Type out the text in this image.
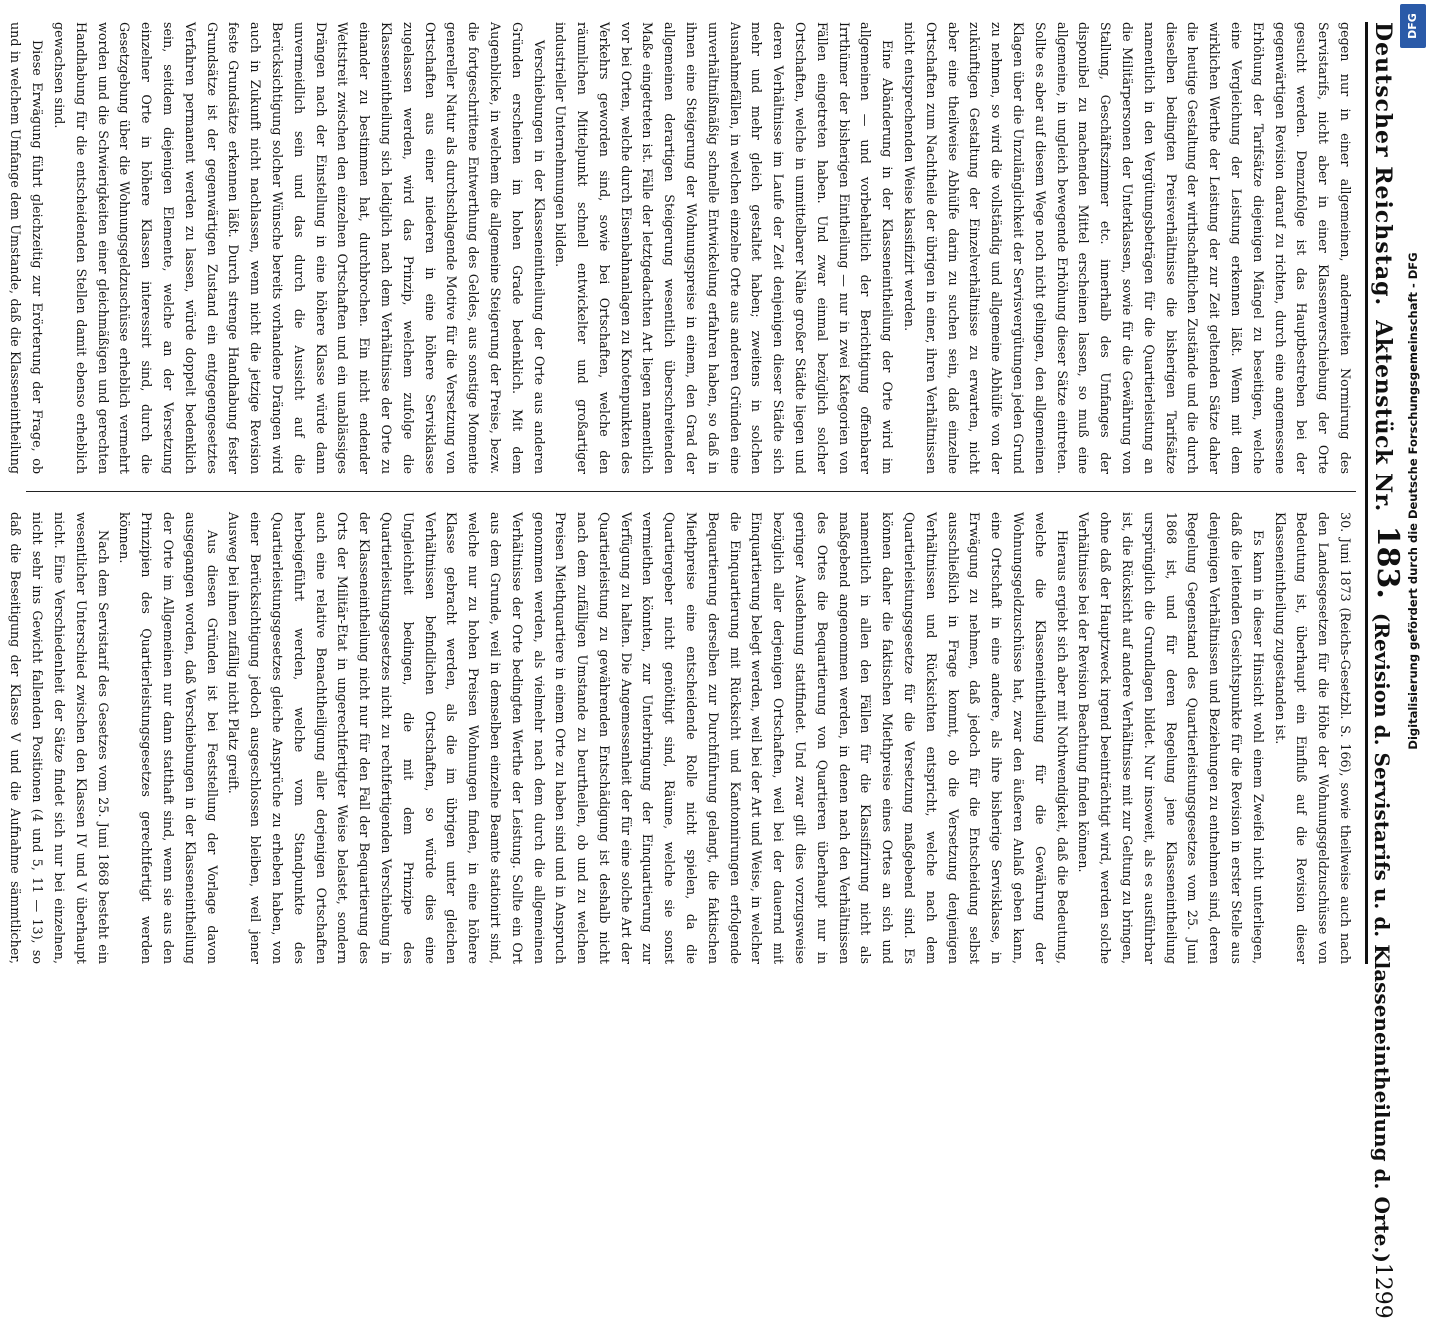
Deutscher Reichstag.
Aktenstück Nr.
183.
(Revision d. Servistarifs u. d. Klasseneintheilung d. Orte.)
1299

gegen nur in einer allgemeinen, andermeiten Normirung des Servistarifs, nicht aber in einer Klassenverschiebung der Orte gesucht werden. Demzufolge ist das Hauptbestreben bei der gegenwärtigen Revision darauf zu richten, durch eine angemessene Erhöhung der Tarifsätze diejenigen Mängel zu beseitigen, welche eine Vergleichung der Leistung erkennen läßt. Wenn mit dem wirklichen Werthe der Leistung der zur Zeit geltenden Sätze daher die heutige Gestaltung der wirthschaftlichen Zustände und die durch dieselben bedingten Preisverhältnisse die bisherigen Tarifsätze namentlich in den Vergütungsbeträgen für die Quartierleistung an die Militärpersonen der Unterklassen, sowie für die Gewährung von Stallung, Geschäftszimmer etc. innerhalb des Umfanges der disponibel zu machenden Mittel erscheinen lassen, so muß eine allgemeine, in ungleich bewegende Erhöhung dieser Sätze eintreten. Sollte es aber auf diesem Wege noch nicht gelingen, den allgemeinen Klagen über die Unzulänglichkeit der Servisvergütungen jeden Grund zu nehmen, so wird die vollständig und allgemeine Abhülfe von der zukünftigen Gestaltung der Einzelverhältnisse zu erwarten, nicht aber eine theilweise Abhülfe darin zu suchen sein, daß einzelne Ortschaften zum Nachtheile der übrigen in einer, ihren Verhältnissen nicht entsprechenden Weise klassifizirt werden.

Eine Abänderung in der Klasseneintheilung der Orte wird im allgemeinen — und vorbehaltlich der Berichtigung offenbarer Irrthümer der bisherigen Eintheilung — nur in zwei Kategorien von Fällen eingetreten haben. Und zwar einmal bezüglich solcher Ortschaften, welche in unmittelbarer Nähe großer Städte liegen und deren Verhältnisse im Laufe der Zeit denjenigen dieser Städte sich mehr und mehr gleich gestaltet haben; zweitens in solchen Ausnahmefällen, in welchen einzelne Orte aus anderen Gründen eine unverhältnißmäßig schnelle Entwickelung erfahren haben, so daß in ihnen eine Steigerung der Wohnungspreise in einem, den Grad der allgemeinen derartigen Steigerung wesentlich überschreitenden Maße eingetreten ist. Fälle der letztgedachten Art liegen namentlich vor bei Orten, welche durch Eisenbahnanlagen zu Knotenpunkten des Verkehrs geworden sind, sowie bei Ortschaften, welche den räumlichen Mittelpunkt schnell entwickelter und großartiger industrieller Unternehmungen bilden.

Verschiebungen in der Klasseneintheilung der Orte aus anderen Gründen erscheinen im hohen Grade bedenklich. Mit dem Augenblicke, in welchem die allgemeine Steigerung der Preise, bezw. die fortgeschrittene Entwerthung des Geldes, aus sonstige Momente genereller Natur als durchschlagende Motive für die Versetzung von Ortschaften aus einer niederen in eine höhere Servisklasse zugelassen werden, wird das Prinzip, welchem zufolge die Klasseneintheilung sich lediglich nach dem Verhältnisse der Orte zu einander zu bestimmen hat, durchbrochen. Ein nicht endender Wettstreit zwischen den einzelnen Ortschaften und ein unablässiges Drängen nach der Einstellung in eine höhere Klasse würde dann unvermeidlich sein und das durch die Aussicht auf die Berücksichtigung solcher Wünsche bereits vorhandene Drängen wird auch in Zukunft nicht nachlassen, wenn nicht die jetzige Revision feste Grundsätze erkennen läßt. Durch strenge Handhabung fester Grundsätze ist der gegenwärtigen Zustand ein entgegengesetztes Verfahren permanent werden zu lassen, würde doppelt bedenklich sein, seitdem diejenigen Elemente, welche an der Versetzung einzelner Orte in höhere Klassen interessirt sind, durch die Gesetzgebung über die Wohnungsgeldzuschüsse erheblich vermehrt worden und die Schwierigkeiten einer gleichmäßigen und gerechten Handhabung für die entscheidenden Stellen damit ebenso erheblich gewachsen sind.

Diese Erwägung führt gleichzeitig zur Erörterung der Frage, ob und in welchem Umfange dem Umstande, daß die Klasseneintheilung

30. Juni 1873 (Reichs-Gesetzbl. S. 166), sowie theilweise auch nach den Landesgesetzen für die Höhe der Wohnungsgeldzuschüsse von Bedeutung ist, überhaupt ein Einfluß auf die Revision dieser Klasseneintheilung zugestanden ist.

Es kann in dieser Hinsicht wohl einem Zweifel nicht unterliegen, daß die leitenden Gesichtspunkte für die Revision in erster Stelle aus denjenigen Verhältnissen und Beziehungen zu entnehmen sind, deren Regelung Gegenstand des Quartierleistungsgesetzes vom 25. Juni 1868 ist, und für deren Regelung jene Klasseneintheilung ursprünglich die Grundlagen bildet. Nur insoweit, als es ausführbar ist, die Rücksicht auf andere Verhältnisse mit zur Geltung zu bringen, ohne daß der Hauptzweck irgend beeinträchtigt wird, werden solche Verhältnisse bei der Revision Beachtung finden können.

Hieraus ergiebt sich aber mit Nothwendigkeit, daß die Bedeutung, welche die Klasseneintheilung für die Gewährung der Wohnungsgeldzuschüsse hat, zwar den äußeren Anlaß geben kann, eine Ortschaft in eine andere, als ihre bisherige Servisklasse, in Erwägung zu nehmen, daß jedoch für die Entscheidung selbst ausschließlich in Frage kommt, ob die Versetzung denjenigen Verhältnissen und Rücksichten entspricht, welche nach dem Quartierleistungsgesetze für die Versetzung maßgebend sind. Es können daher die faktischen Miethpreise eines Ortes an sich und namentlich in allen den Fällen für die Klassifizirung nicht als maßgebend angenommen werden, in denen nach den Verhältnissen des Ortes die Bequartierung von Quartieren überhaupt nur in geringer Ausdehnung stattfindet. Und zwar gilt dies vorzugsweise bezüglich aller derjenigen Ortschaften, weil bei der dauernd mit Einquartierung belegt werden, weil bei der Art und Weise, in welcher die Einquartierung mit Rücksicht und Kantonnirungen erfolgende Bequartierung derselben zur Durchführung gelangt, die faktischen Miethpreise eine entscheidende Rolle nicht spielen, da die Quartiergeber nicht genöthigt sind, Räume, welche sie sonst vermiethen könnten, zur Unterbringung der Einquartierung zur Verfügung zu halten. Die Angemessenheit der für eine solche Art der Quartierleistung zu gewährenden Entschädigung ist deshalb nicht nach dem zufälligen Umstande zu beurtheilen, ob und zu welchen Preisen Miethquartiere in einem Orte zu haben sind und in Anspruch genommen werden, als vielmehr nach dem durch die allgemeinen Verhältnisse der Orte bedingten Werthe der Leistung. Sollte ein Ort aus dem Grunde, weil in demselben einzelne Beamte stationirt sind, welche nur zu hohen Preisen Wohnungen finden, in eine höhere Klasse gebracht werden, als die im übrigen unter gleichen Verhältnissen befindlichen Ortschaften, so würde dies eine Ungleichheit bedingen, die mit dem Prinzipe des Quartierleistungsgesetzes nicht zu rechtfertigenden Verschiebung in der Klasseneintheilung nicht nur für den Fall der Bequartierung des Orts der Militär-Etat in ungerechtfertigter Weise belastet, sondern auch eine relative Benachtheiligung aller derjenigen Ortschaften herbeigeführt werden, welche vom Standpunkte des Quartierleistungsgesetzes gleiche Ansprüche zu erheben haben, von einer Berücksichtigung jedoch ausgeschlossen bleiben, weil jener Ausweg bei ihnen zufällig nicht Platz greift.

Aus diesen Gründen ist bei Feststellung der Vorlage davon ausgegangen worden, daß Verschiebungen in der Klasseneintheilung der Orte im Allgemeinen nur dann statthaft sind, wenn sie aus den Prinzipien des Quartierleistungsgesetzes gerechtfertigt werden können.

Nach dem Servistarif des Gesetzes vom 25. Juni 1868 besteht ein wesentlicher Unterschied zwischen den Klassen IV und V überhaupt nicht. Eine Verschiedenheit der Sätze findet sich nur bei einzelnen, nicht sehr ins Gewicht fallenden Positionen (4 und 5, 11 — 13), so daß die Beseitigung der Klasse V und die Aufnahme sämmtlicher,

DFG
Digitalisierung gefördert durch die Deutsche Forschungsgemeinschaft - DFG
